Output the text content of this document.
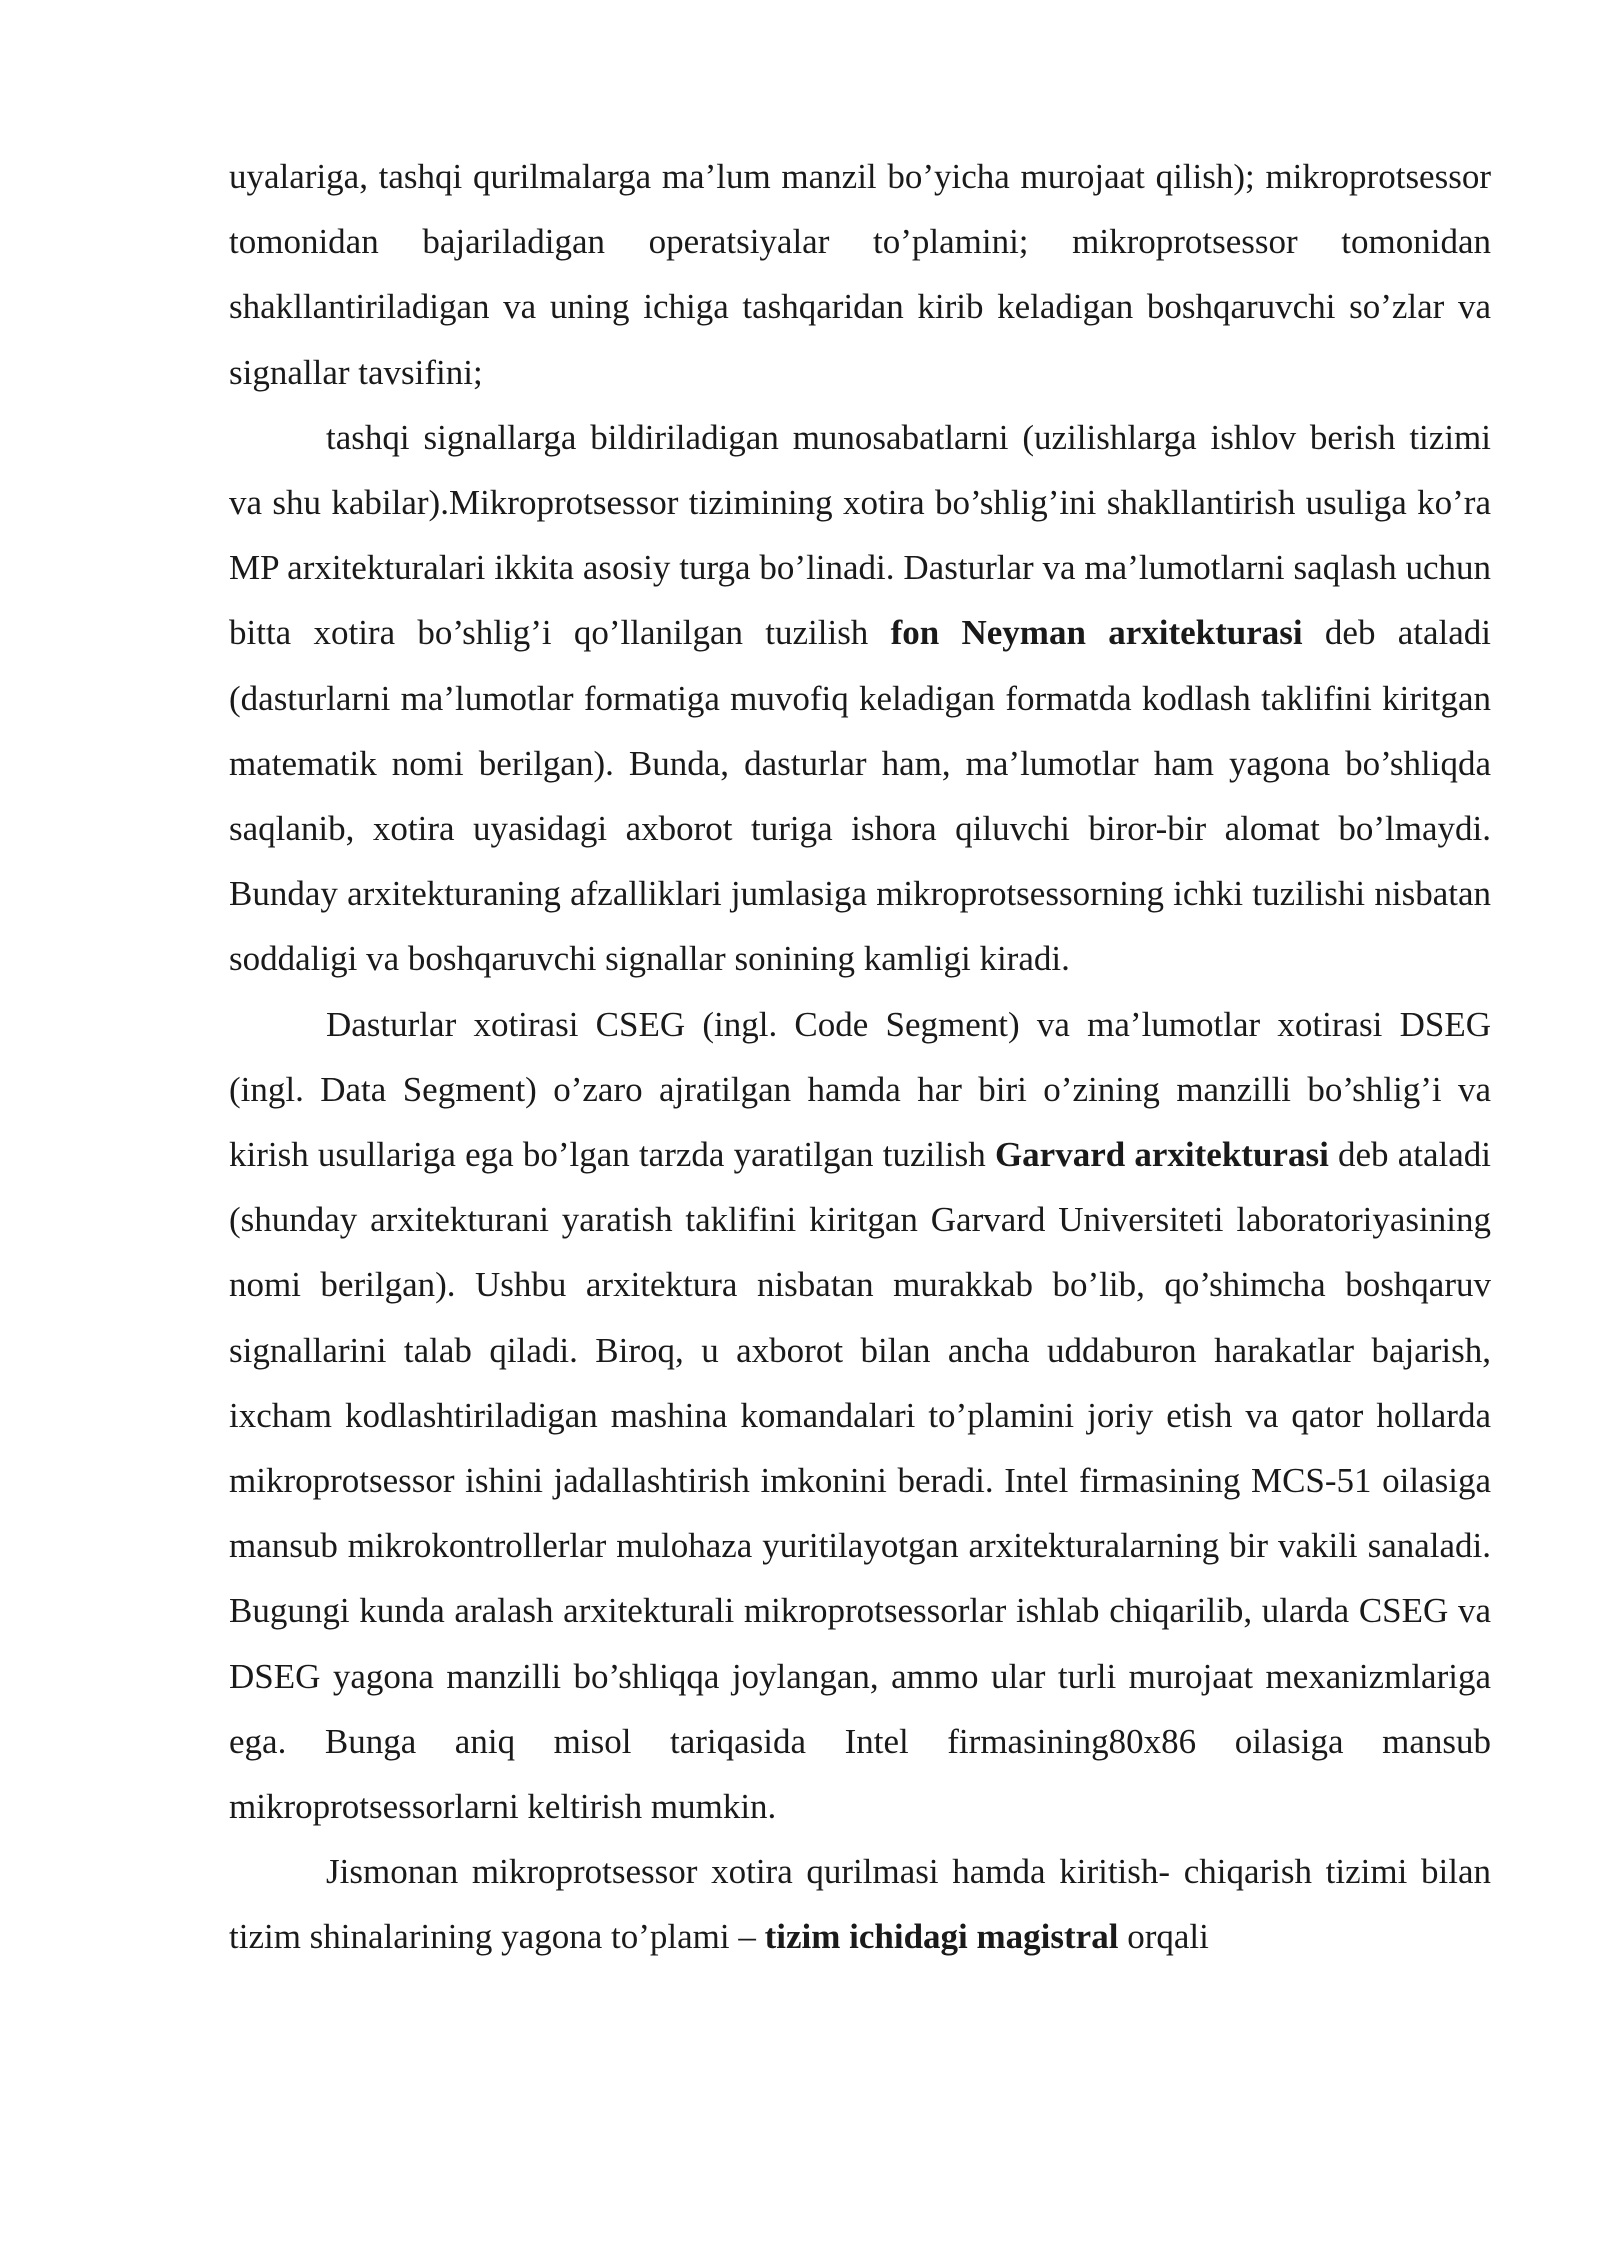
uyalariga, tashqi qurilmalarga ma’lum manzil bo’yicha murojaat qilish); mikroprotsessor tomonidan bajariladigan operatsiyalar to’plamini; mikroprotsessor tomonidan shakllantiriladigan va uning ichiga tashqaridan kirib keladigan boshqaruvchi so’zlar va signallar tavsifini;

tashqi signallarga bildiriladigan munosabatlarni (uzilishlarga ishlov berish tizimi va shu kabilar).Mikroprotsessor tizimining xotira bo’shlig’ini shakllantirish usuliga ko’ra MP arxitekturalari ikkita asosiy turga bo’linadi. Dasturlar va ma’lumotlarni saqlash uchun bitta xotira bo’shlig’i qo’llanilgan tuzilish fon Neyman arxitekturasi deb ataladi (dasturlarni ma’lumotlar formatiga muvofiq keladigan formatda kodlash taklifini kiritgan matematik nomi berilgan). Bunda, dasturlar ham, ma’lumotlar ham yagona bo’shliqda saqlanib, xotira uyasidagi axborot turiga ishora qiluvchi biror-bir alomat bo’lmaydi. Bunday arxitekturaning afzalliklari jumlasiga mikroprotsessorning ichki tuzilishi nisbatan soddaligi va boshqaruvchi signallar sonining kamligi kiradi.

Dasturlar xotirasi CSEG (ingl. Code Segment) va ma’lumotlar xotirasi DSEG (ingl. Data Segment) o’zaro ajratilgan hamda har biri o’zining manzilli bo’shlig’i va kirish usullariga ega bo’lgan tarzda yaratilgan tuzilish Garvard arxitekturasi deb ataladi (shunday arxitekturani yaratish taklifini kiritgan Garvard Universiteti laboratoriyasining nomi berilgan). Ushbu arxitektura nisbatan murakkab bo’lib, qo’shimcha boshqaruv signallarini talab qiladi. Biroq, u axborot bilan ancha uddaburon harakatlar bajarish, ixcham kodlashtiriladigan mashina komandalari to’plamini joriy etish va qator hollarda mikroprotsessor ishini jadallashtirish imkonini beradi. Intel firmasining MCS-51 oilasiga mansub mikrokontrollerlar mulohaza yuritilayotgan arxitekturalarning bir vakili sanaladi. Bugungi kunda aralash arxitekturali mikroprotsessorlar ishlab chiqarilib, ularda CSEG va DSEG yagona manzilli bo’shliqqa joylangan, ammo ular turli murojaat mexanizmlariga ega. Bunga aniq misol tariqasida Intel firmasining80x86 oilasiga mansub mikroprotsessorlarni keltirish mumkin.

Jismonan mikroprotsessor xotira qurilmasi hamda kiritish- chiqarish tizimi bilan tizim shinalarining yagona to’plami – tizim ichidagi magistral orqali
